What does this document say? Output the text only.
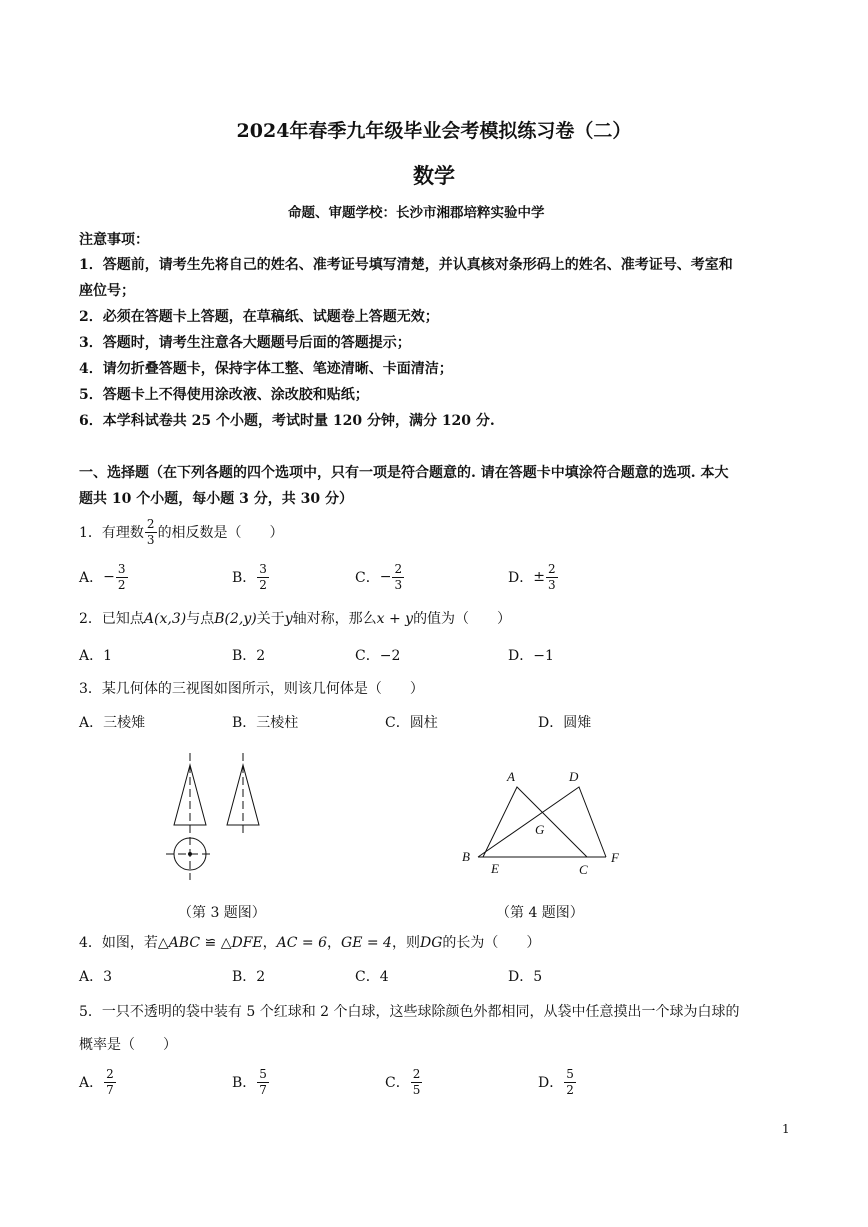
2024年春季九年级毕业会考模拟练习卷（二）
数学
命题、审题学校：长沙市湘郡培粹实验中学
注意事项：
1．答题前，请考生先将自己的姓名、准考证号填写清楚，并认真核对条形码上的姓名、准考证号、考室和
座位号；
2．必须在答题卡上答题，在草稿纸、试题卷上答题无效；
3．答题时，请考生注意各大题题号后面的答题提示；
4．请勿折叠答题卡，保持字体工整、笔迹清晰、卡面清洁；
5．答题卡上不得使用涂改液、涂改胶和贴纸；
6．本学科试卷共 25 个小题，考试时量 120 分钟，满分 120 分.
一、选择题（在下列各题的四个选项中，只有一项是符合题意的. 请在答题卡中填涂符合题意的选项. 本大
题共 10 个小题，每小题 3 分，共 30 分）
1．有理数 $\frac{2}{3}$ 的相反数是（　　）
A． − $\frac{3}{2}$	B． $\frac{3}{2}$	C． − $\frac{2}{3}$	D． ± $\frac{2}{3}$
2．已知点A(x,3)与点B(2,y)关于y轴对称，那么x + y的值为（　　）
A．1	B．2	C．−2	D．−1
3．某几何体的三视图如图所示，则该几何体是（　　）
A．三棱雉	B．三棱柱	C．圆柱	D．圆雉
（第 3 题图）
A	D
G
B
E	C
F
（第 4 题图）
4．如图，若△ABC ≌ △DFE，AC = 6，GE = 4，则DG的长为（　　）
A．3	B．2	C．4	D．5
5．一只不透明的袋中装有 5 个红球和 2 个白球，这些球除颜色外都相同，从袋中任意摸出一个球为白球的
概率是（　　）
A． $\frac{2}{7}$	B． $\frac{5}{7}$	C． $\frac{2}{5}$	D． $\frac{5}{2}$
1
